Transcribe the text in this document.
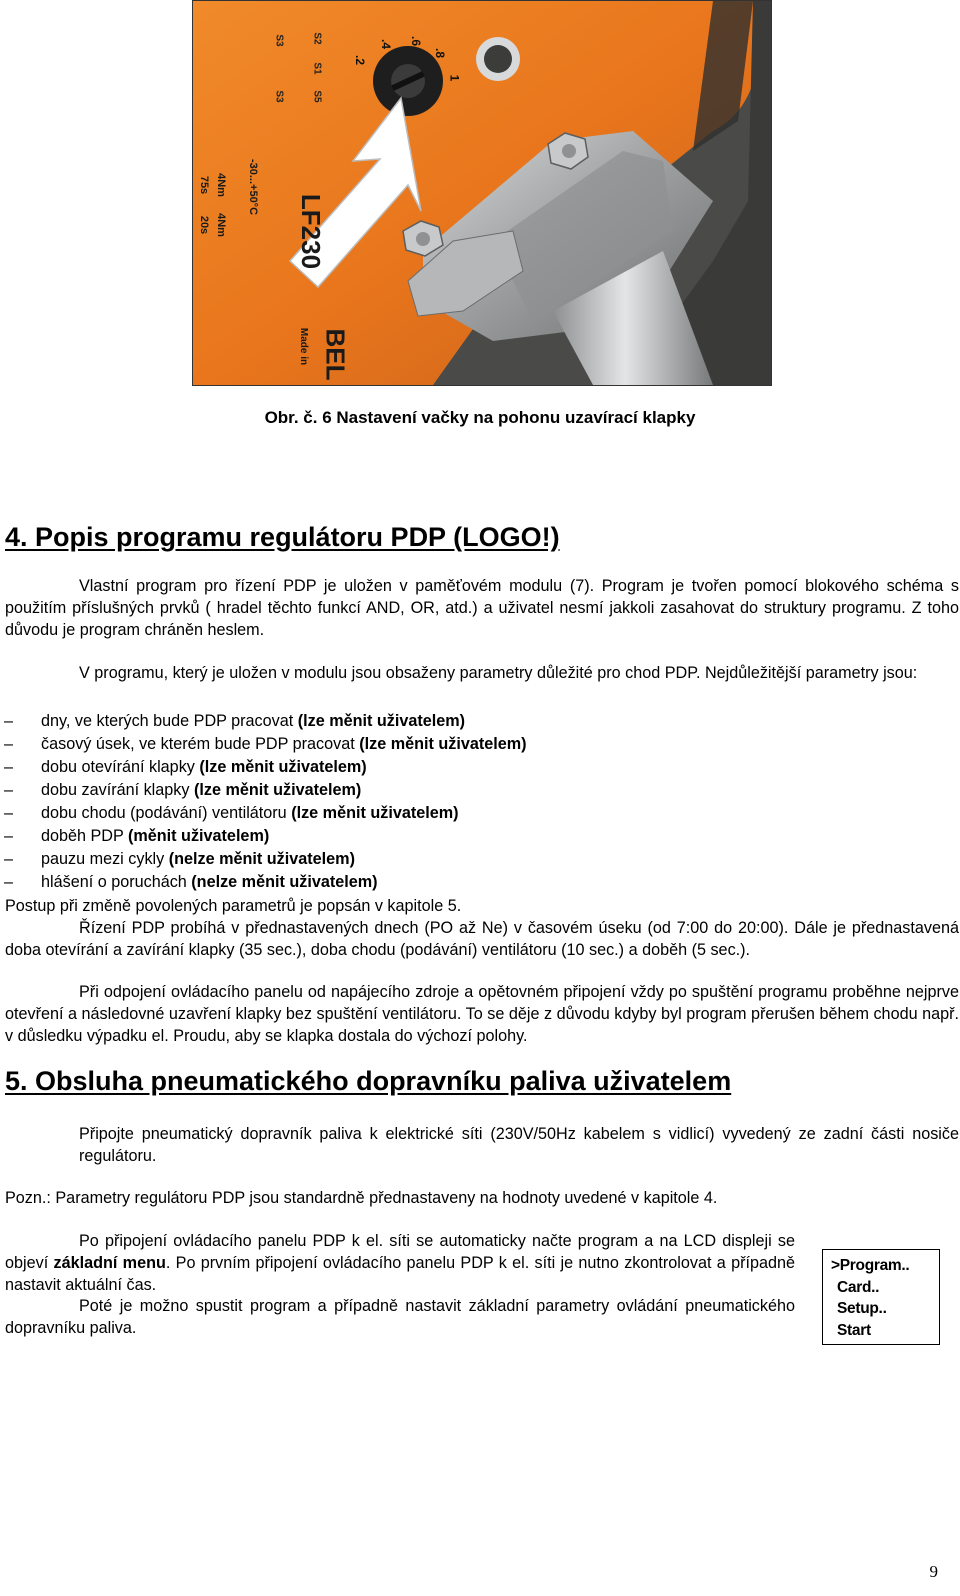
S3	S2
S1
S3	S5
LF230
-30...+50°C
4Nm
75s
4Nm
20s
BEL
Made in
.2
.4 .6
.8
1
Obr. č. 6 Nastavení vačky na pohonu uzavírací klapky
4. Popis programu regulátoru PDP (LOGO!)

Vlastní program pro řízení PDP je uložen v paměťovém modulu (7). Program je tvořen pomocí blokového schéma s použitím příslušných prvků ( hradel těchto funkcí AND, OR, atd.) a uživatel nesmí jakkoli zasahovat do struktury programu. Z toho důvodu je program chráněn heslem.

V programu, který je uložen v modulu jsou obsaženy parametry důležité pro chod PDP. Nejdůležitější parametry jsou:

– dny, ve kterých bude PDP pracovat (lze měnit uživatelem)
– časový úsek, ve kterém bude PDP pracovat (lze měnit uživatelem)
– dobu otevírání klapky (lze měnit uživatelem)
– dobu zavírání klapky (lze měnit uživatelem)
– dobu chodu (podávání) ventilátoru (lze měnit uživatelem)
– doběh PDP (měnit uživatelem)
– pauzu mezi cykly (nelze měnit uživatelem)
– hlášení o poruchách (nelze měnit uživatelem)

Postup při změně povolených parametrů je popsán v kapitole 5.

Řízení PDP probíhá v přednastavených dnech (PO až Ne) v časovém úseku (od 7:00 do 20:00). Dále je přednastavená doba otevírání a zavírání klapky (35 sec.), doba chodu (podávání) ventilátoru (10 sec.) a doběh (5 sec.).

Při odpojení ovládacího panelu od napájecího zdroje a opětovném připojení vždy po spuštění programu proběhne nejprve otevření a následovné uzavření klapky bez spuštění ventilátoru. To se děje z důvodu kdyby byl program přerušen během chodu např. v důsledku výpadku el. Proudu, aby se klapka dostala do výchozí polohy.

5. Obsluha pneumatického dopravníku paliva uživatelem

Připojte pneumatický dopravník paliva k elektrické síti (230V/50Hz kabelem s vidlicí) vyvedený ze zadní části nosiče regulátoru.

Pozn.: Parametry regulátoru PDP jsou standardně přednastaveny na hodnoty uvedené v kapitole 4.

Po připojení ovládacího panelu PDP k el. síti se automaticky načte program a na LCD displeji se objeví základní menu. Po prvním připojení ovládacího panelu PDP k el. síti je nutno zkontrolovat a případně nastavit aktuální čas.

Poté je možno spustit program a případně nastavit základní parametry ovládání pneumatického dopravníku paliva.

>Program..
Card..
Setup..
Start
9
